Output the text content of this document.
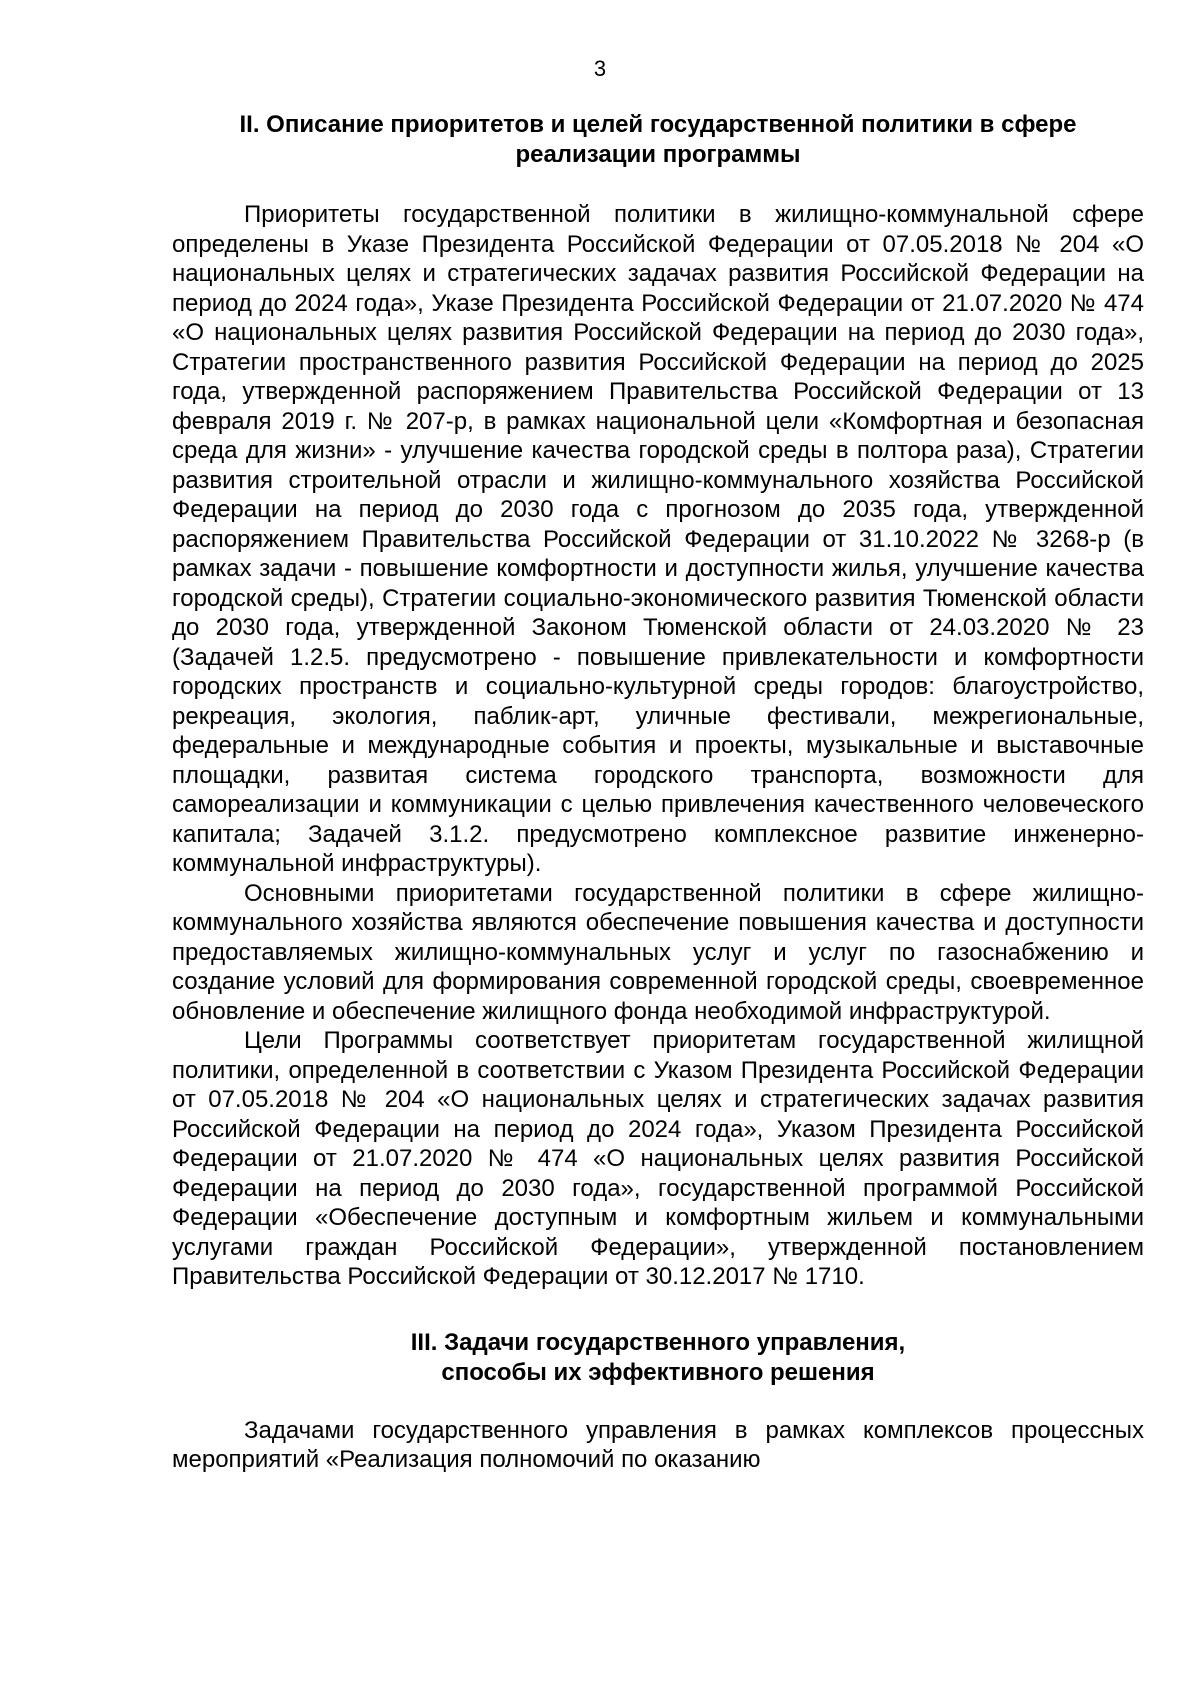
3
II. Описание приоритетов и целей государственной политики в сфере
реализации программы

Приоритеты государственной политики в жилищно-коммунальной сфере определены в Указе Президента Российской Федерации от 07.05.2018 № 204 «О национальных целях и стратегических задачах развития Российской Федерации на период до 2024 года», Указе Президента Российской Федерации от 21.07.2020 № 474 «О национальных целях развития Российской Федерации на период до 2030 года», Стратегии пространственного развития Российской Федерации на период до 2025 года, утвержденной распоряжением Правительства Российской Федерации от 13 февраля 2019 г. № 207-р, в рамках национальной цели «Комфортная и безопасная среда для жизни» - улучшение качества городской среды в полтора раза), Стратегии развития строительной отрасли и жилищно-коммунального хозяйства Российской Федерации на период до 2030 года с прогнозом до 2035 года, утвержденной распоряжением Правительства Российской Федерации от 31.10.2022 № 3268-р (в рамках задачи - повышение комфортности и доступности жилья, улучшение качества городской среды), Стратегии социально-экономического развития Тюменской области до 2030 года, утвержденной Законом Тюменской области от 24.03.2020 № 23 (Задачей 1.2.5. предусмотрено - повышение привлекательности и комфортности городских пространств и социально-культурной среды городов: благоустройство, рекреация, экология, паблик-арт, уличные фестивали, межрегиональные, федеральные и международные события и проекты, музыкальные и выставочные площадки, развитая система городского транспорта, возможности для самореализации и коммуникации с целью привлечения качественного человеческого капитала; Задачей 3.1.2. предусмотрено комплексное развитие инженерно-коммунальной инфраструктуры).

Основными приоритетами государственной политики в сфере жилищно-коммунального хозяйства являются обеспечение повышения качества и доступности предоставляемых жилищно-коммунальных услуг и услуг по газоснабжению и создание условий для формирования современной городской среды, своевременное обновление и обеспечение жилищного фонда необходимой инфраструктурой.

Цели Программы соответствует приоритетам государственной жилищной политики, определенной в соответствии с Указом Президента Российской Федерации от 07.05.2018 № 204 «О национальных целях и стратегических задачах развития Российской Федерации на период до 2024 года», Указом Президента Российской Федерации от 21.07.2020 № 474 «О национальных целях развития Российской Федерации на период до 2030 года», государственной программой Российской Федерации «Обеспечение доступным и комфортным жильем и коммунальными услугами граждан Российской Федерации», утвержденной постановлением Правительства Российской Федерации от 30.12.2017 № 1710.

III. Задачи государственного управления,
способы их эффективного решения

Задачами государственного управления в рамках комплексов процессных мероприятий «Реализация полномочий по оказанию
